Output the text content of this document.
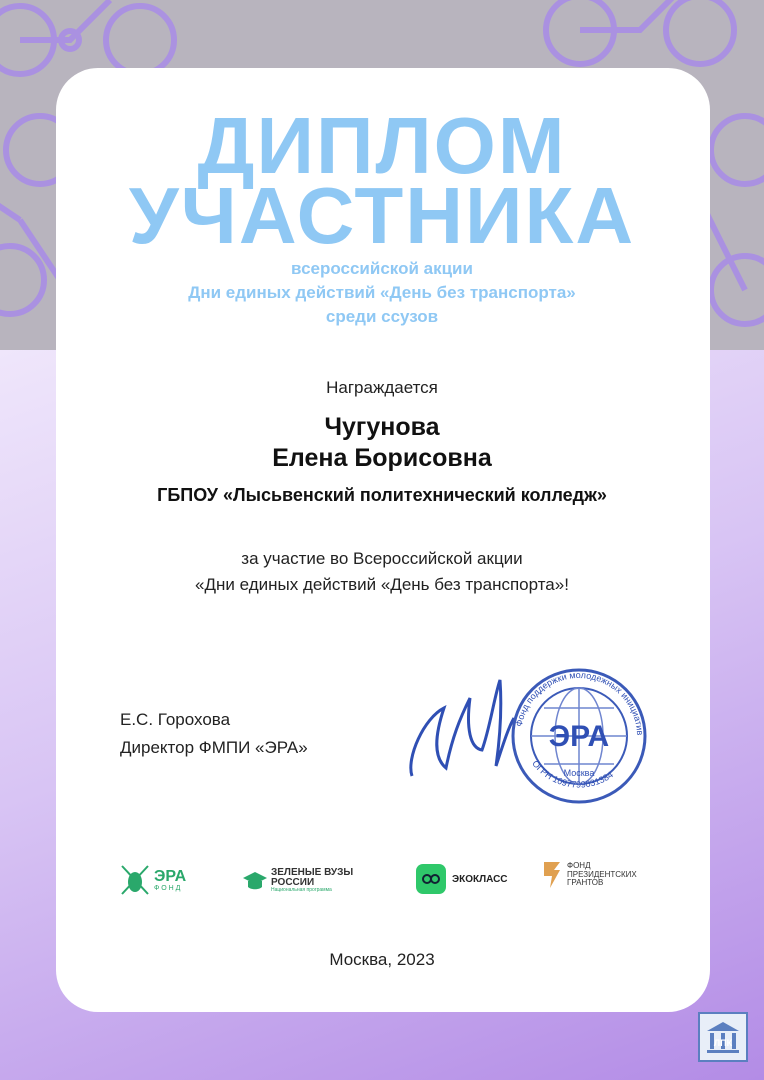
ДИПЛОМ
УЧАСТНИКА
всероссийской акции
Дни единых действий «День без транспорта»
среди ссузов
Награждается
Чугунова
Елена Борисовна
ГБПОУ «Лысьвенский политехнический колледж»
за участие во Всероссийской акции
«Дни единых действий «День без транспорта»!
Е.С. Горохова
Директор ФМПИ «ЭРА»	ЭРА
Москва
Фонд поддержки молодежных инициатив
ОГРН 1097799031384
ЭРА
Ф О Н Д
ЗЕЛЕНЫЕ ВУЗЫ
РОССИИ
Национальная программа
ЭКОКЛАСС
ФОНД
ПРЕЗИДЕНТСКИХ
ГРАНТОВ
Москва, 2023
ЛПК
